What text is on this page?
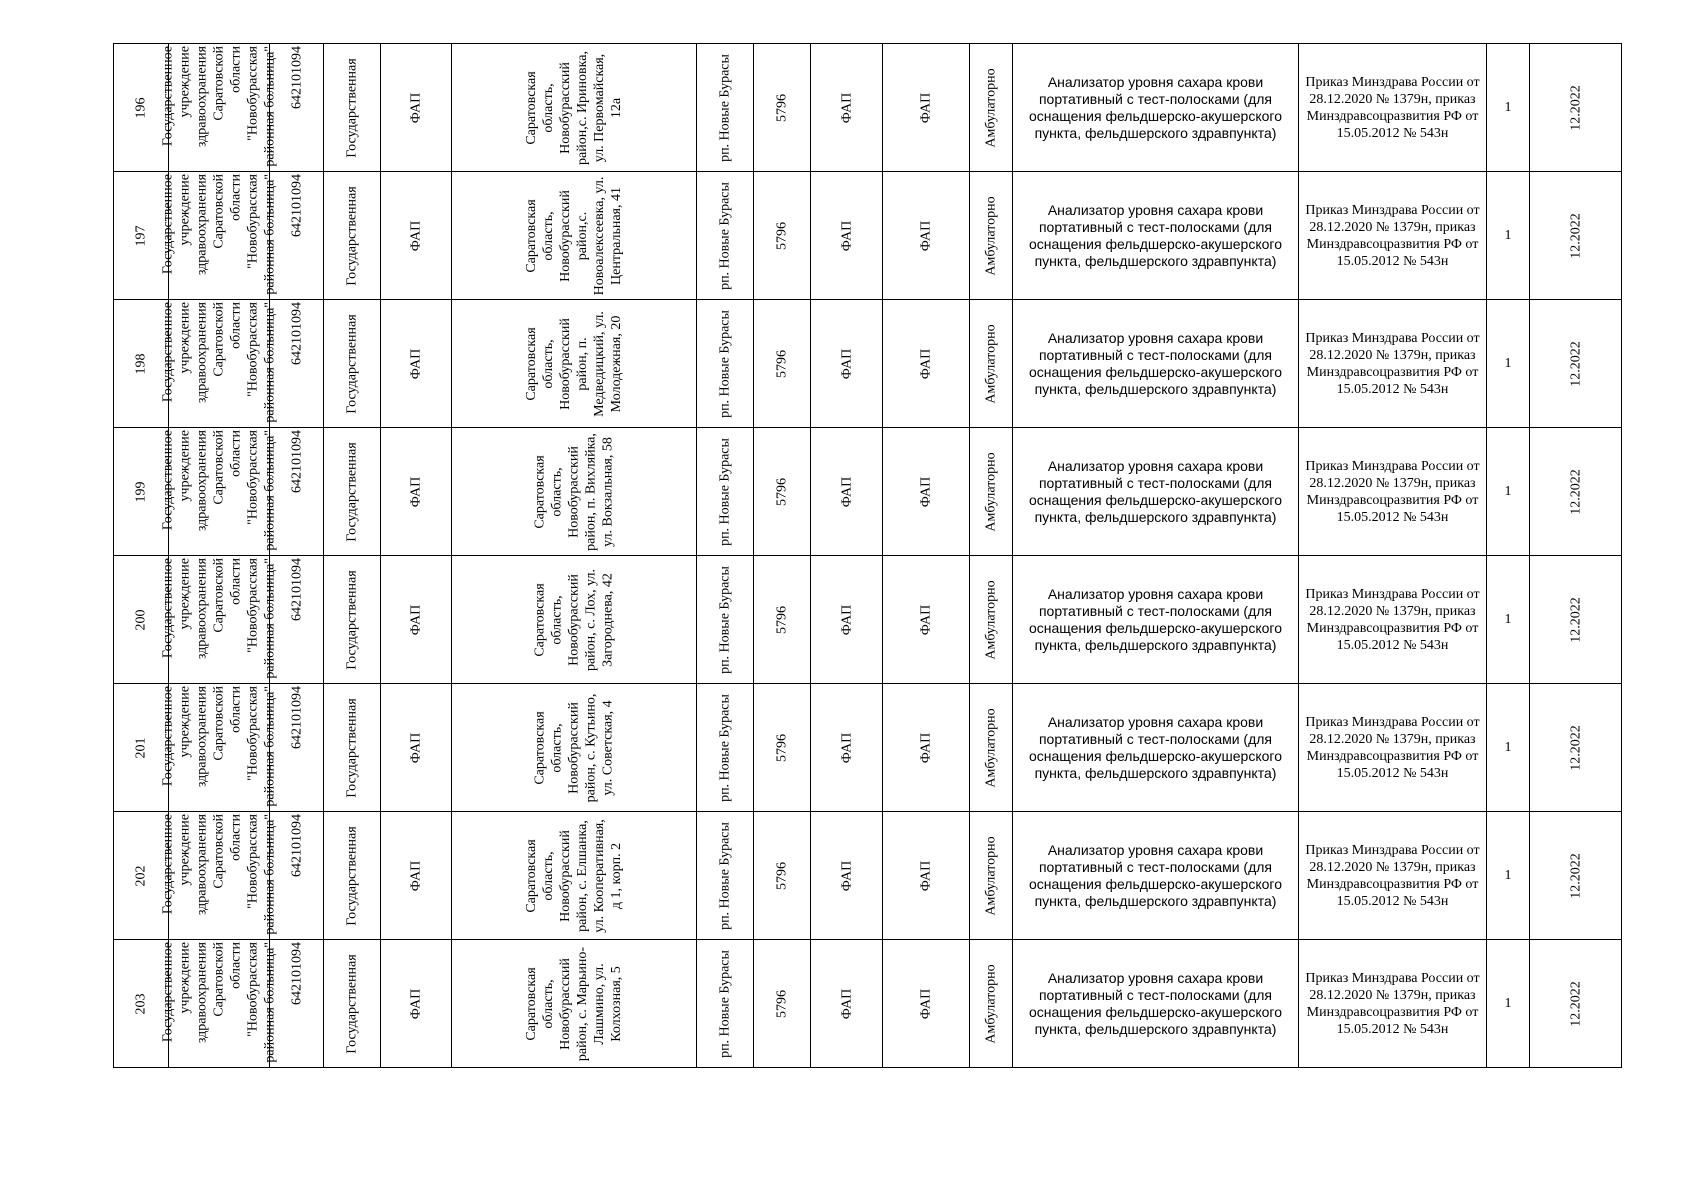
196	Государственное учреждение здравоохранения Саратовской области "Новобурасская районная больница"	642101094	Государственная	ФАП	Саратовская область, Новобурасский район,с. Ириновка, ул. Первомайская, 12а	рп. Новые Бурасы	5796	ФАП	ФАП	Амбулаторно	Анализатор уровня сахара крови портативный с тест-полосками (для оснащения фельдшерско-акушерского пункта, фельдшерского здравпункта)	Приказ Минздрава России от 28.12.2020 № 1379н, приказ Минздравсоцразвития РФ от 15.05.2012 № 543н	1	12.2022

197	Государственное учреждение здравоохранения Саратовской области "Новобурасская районная больница"	642101094	Государственная	ФАП	Саратовская область, Новобурасский район,с. Новоалексеевка, ул. Центральная, 41	рп. Новые Бурасы	5796	ФАП	ФАП	Амбулаторно	Анализатор уровня сахара крови портативный с тест-полосками (для оснащения фельдшерско-акушерского пункта, фельдшерского здравпункта)	Приказ Минздрава России от 28.12.2020 № 1379н, приказ Минздравсоцразвития РФ от 15.05.2012 № 543н	1	12.2022

198	Государственное учреждение здравоохранения Саратовской области "Новобурасская районная больница"	642101094	Государственная	ФАП	Саратовская область, Новобурасский район, п. Медведицкий, ул. Молодежная, 20	рп. Новые Бурасы	5796	ФАП	ФАП	Амбулаторно	Анализатор уровня сахара крови портативный с тест-полосками (для оснащения фельдшерско-акушерского пункта, фельдшерского здравпункта)	Приказ Минздрава России от 28.12.2020 № 1379н, приказ Минздравсоцразвития РФ от 15.05.2012 № 543н	1	12.2022

199	Государственное учреждение здравоохранения Саратовской области "Новобурасская районная больница"	642101094	Государственная	ФАП	Саратовская область, Новобурасский район, п. Вихляйка, ул. Вокзальная, 58	рп. Новые Бурасы	5796	ФАП	ФАП	Амбулаторно	Анализатор уровня сахара крови портативный с тест-полосками (для оснащения фельдшерско-акушерского пункта, фельдшерского здравпункта)	Приказ Минздрава России от 28.12.2020 № 1379н, приказ Минздравсоцразвития РФ от 15.05.2012 № 543н	1	12.2022

200	Государственное учреждение здравоохранения Саратовской области "Новобурасская районная больница"	642101094	Государственная	ФАП	Саратовская область, Новобурасский район, с. Лох, ул. Загороднева, 42	рп. Новые Бурасы	5796	ФАП	ФАП	Амбулаторно	Анализатор уровня сахара крови портативный с тест-полосками (для оснащения фельдшерско-акушерского пункта, фельдшерского здравпункта)	Приказ Минздрава России от 28.12.2020 № 1379н, приказ Минздравсоцразвития РФ от 15.05.2012 № 543н	1	12.2022

201	Государственное учреждение здравоохранения Саратовской области "Новобурасская районная больница"	642101094	Государственная	ФАП	Саратовская область, Новобурасский район, с. Кутьино, ул. Советская, 4	рп. Новые Бурасы	5796	ФАП	ФАП	Амбулаторно	Анализатор уровня сахара крови портативный с тест-полосками (для оснащения фельдшерско-акушерского пункта, фельдшерского здравпункта)	Приказ Минздрава России от 28.12.2020 № 1379н, приказ Минздравсоцразвития РФ от 15.05.2012 № 543н	1	12.2022

202	Государственное учреждение здравоохранения Саратовской области "Новобурасская районная больница"	642101094	Государственная	ФАП	Саратовская область, Новобурасский район, с. Елшанка, ул. Кооперативная, д 1, корп. 2	рп. Новые Бурасы	5796	ФАП	ФАП	Амбулаторно	Анализатор уровня сахара крови портативный с тест-полосками (для оснащения фельдшерско-акушерского пункта, фельдшерского здравпункта)	Приказ Минздрава России от 28.12.2020 № 1379н, приказ Минздравсоцразвития РФ от 15.05.2012 № 543н	1	12.2022

203	Государственное учреждение здравоохранения Саратовской области "Новобурасская районная больница"	642101094	Государственная	ФАП	Саратовская область, Новобурасский район, с. Марьино-Лашмино, ул. Колхозная, 5	рп. Новые Бурасы	5796	ФАП	ФАП	Амбулаторно	Анализатор уровня сахара крови портативный с тест-полосками (для оснащения фельдшерско-акушерского пункта, фельдшерского здравпункта)	Приказ Минздрава России от 28.12.2020 № 1379н, приказ Минздравсоцразвития РФ от 15.05.2012 № 543н	1	12.2022
